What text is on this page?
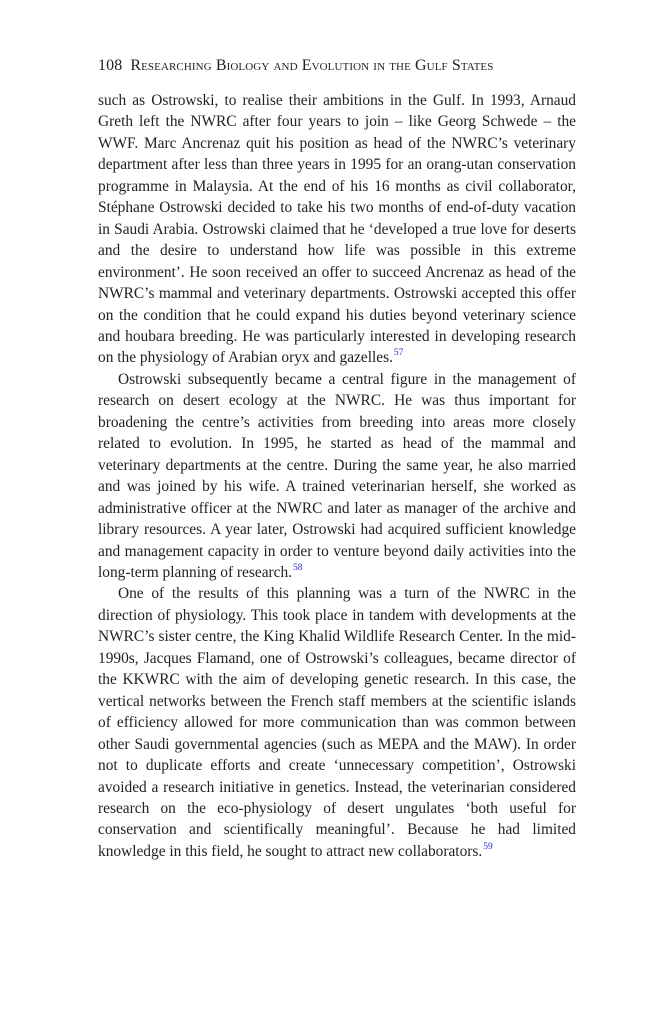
108 Researching Biology and Evolution in the Gulf States

such as Ostrowski, to realise their ambitions in the Gulf. In 1993, Arnaud Greth left the NWRC after four years to join – like Georg Schwede – the WWF. Marc Ancrenaz quit his position as head of the NWRC’s veterinary department after less than three years in 1995 for an orang-utan conservation programme in Malaysia. At the end of his 16 months as civil collaborator, Stéphane Ostrowski decided to take his two months of end-of-duty vacation in Saudi Arabia. Ostrowski claimed that he ‘developed a true love for deserts and the desire to understand how life was possible in this extreme environment’. He soon received an offer to succeed Ancrenaz as head of the NWRC’s mammal and veterinary departments. Ostrowski accepted this offer on the condition that he could expand his duties beyond veterinary science and houbara breeding. He was particularly interested in developing research on the physiology of Arabian oryx and gazelles.$^{57}$

Ostrowski subsequently became a central figure in the management of research on desert ecology at the NWRC. He was thus important for broadening the centre’s activities from breeding into areas more closely related to evolution. In 1995, he started as head of the mammal and veterinary departments at the centre. During the same year, he also married and was joined by his wife. A trained veterinarian herself, she worked as administrative officer at the NWRC and later as manager of the archive and library resources. A year later, Ostrowski had acquired sufficient knowledge and management capacity in order to venture beyond daily activities into the long-term planning of research.$^{58}$

One of the results of this planning was a turn of the NWRC in the direction of physiology. This took place in tandem with developments at the NWRC’s sister centre, the King Khalid Wildlife Research Center. In the mid-1990s, Jacques Flamand, one of Ostrowski’s colleagues, became director of the KKWRC with the aim of developing genetic research. In this case, the vertical networks between the French staff members at the scientific islands of efficiency allowed for more communication than was common between other Saudi governmental agencies (such as MEPA and the MAW). In order not to duplicate efforts and create ‘unnecessary competition’, Ostrowski avoided a research initiative in genetics. Instead, the veterinarian considered research on the eco-physiology of desert ungulates ‘both useful for conservation and scientifically meaningful’. Because he had limited knowledge in this field, he sought to attract new collaborators.$^{59}$
